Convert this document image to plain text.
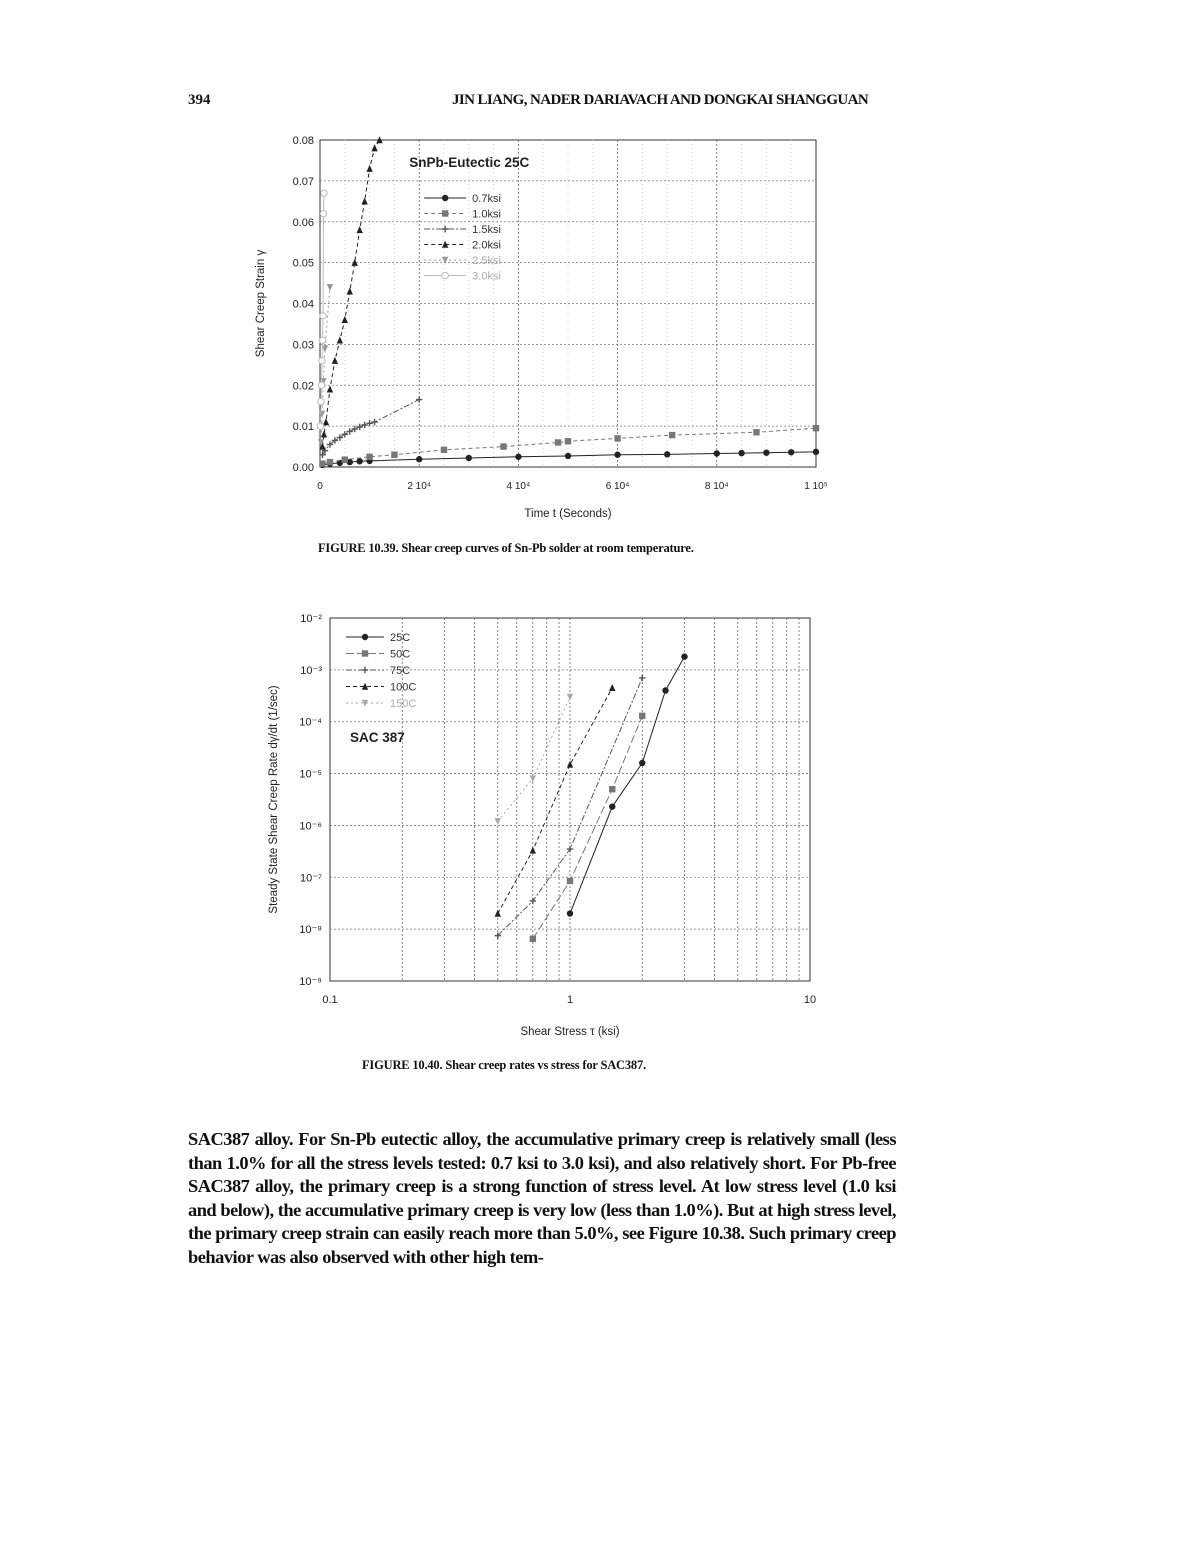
394	JIN LIANG, NADER DARIAVACH AND DONGKAI SHANGGUAN
0.00
0.01
0.02
0.03
0.04
0.05
0.06
0.07
0.08
0	2 10⁴	4 10⁴	6 10⁴	8 10⁴	1 10⁵
Time t (Seconds)
Shear Creep Strain γ
SnPb-Eutectic 25C
0.7ksi
1.0ksi
1.5ksi
2.0ksi
2.5ksi
3.0ksi
FIGURE 10.39. Shear creep curves of Sn-Pb solder at room temperature.
10⁻⁹
10⁻⁸
10⁻⁷
10⁻⁶
10⁻⁵
10⁻⁴
10⁻³
10⁻²
0.1	1	10
Shear Stress τ (ksi)
Steady State Shear Creep Rate dγ/dt (1/sec)
25C
50C
75C
100C
150C
SAC 387
FIGURE 10.40. Shear creep rates vs stress for SAC387.
SAC387 alloy. For Sn-Pb eutectic alloy, the accumulative primary creep is relatively small (less than 1.0% for all the stress levels tested: 0.7 ksi to 3.0 ksi), and also relatively short. For Pb-free SAC387 alloy, the primary creep is a strong function of stress level. At low stress level (1.0 ksi and below), the accumulative primary creep is very low (less than 1.0%). But at high stress level, the primary creep strain can easily reach more than 5.0%, see Figure 10.38. Such primary creep behavior was also observed with other high tem-
